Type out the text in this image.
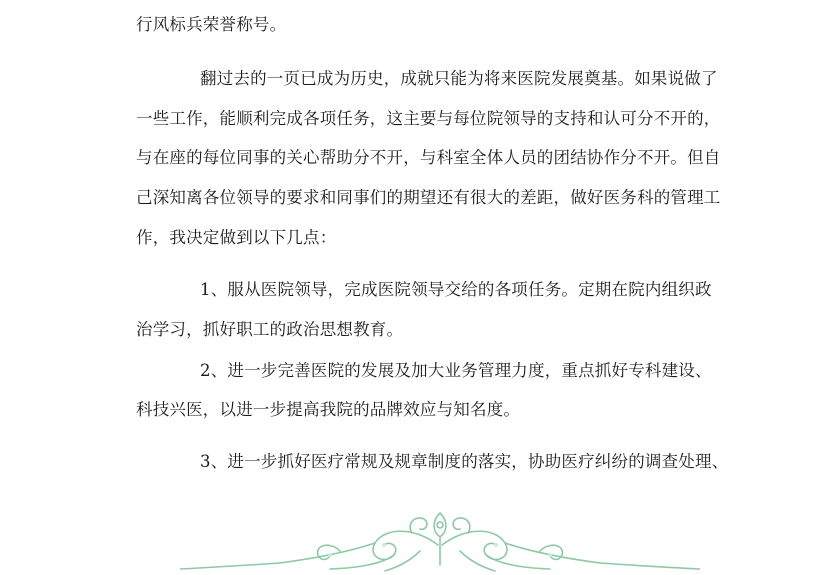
行风标兵荣誉称号。
翻过去的一页已成为历史，成就只能为将来医院发展奠基。如果说做了
一些工作，能顺利完成各项任务，这主要与每位院领导的支持和认可分不开的，
与在座的每位同事的关心帮助分不开，与科室全体人员的团结协作分不开。但自
己深知离各位领导的要求和同事们的期望还有很大的差距，做好医务科的管理工
作，我决定做到以下几点：
1、服从医院领导，完成医院领导交给的各项任务。定期在院内组织政
治学习，抓好职工的政治思想教育。
2、进一步完善医院的发展及加大业务管理力度，重点抓好专科建设、
科技兴医，以进一步提高我院的品牌效应与知名度。
3、进一步抓好医疗常规及规章制度的落实，协助医疗纠纷的调查处理、
